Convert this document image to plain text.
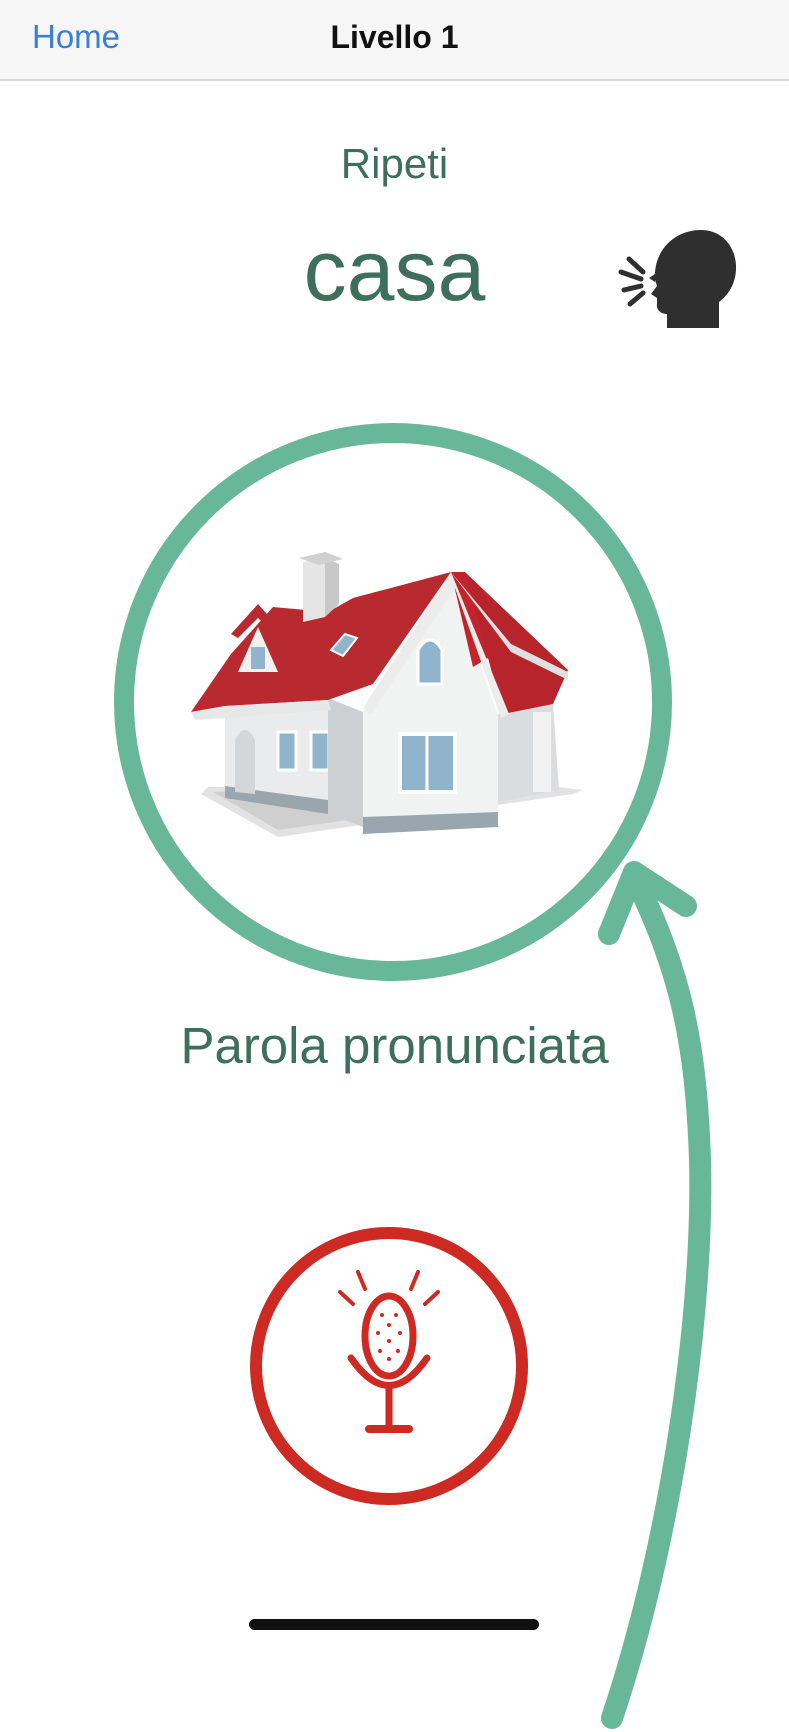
Home	Livello 1
Ripeti
casa
Parola pronunciata
